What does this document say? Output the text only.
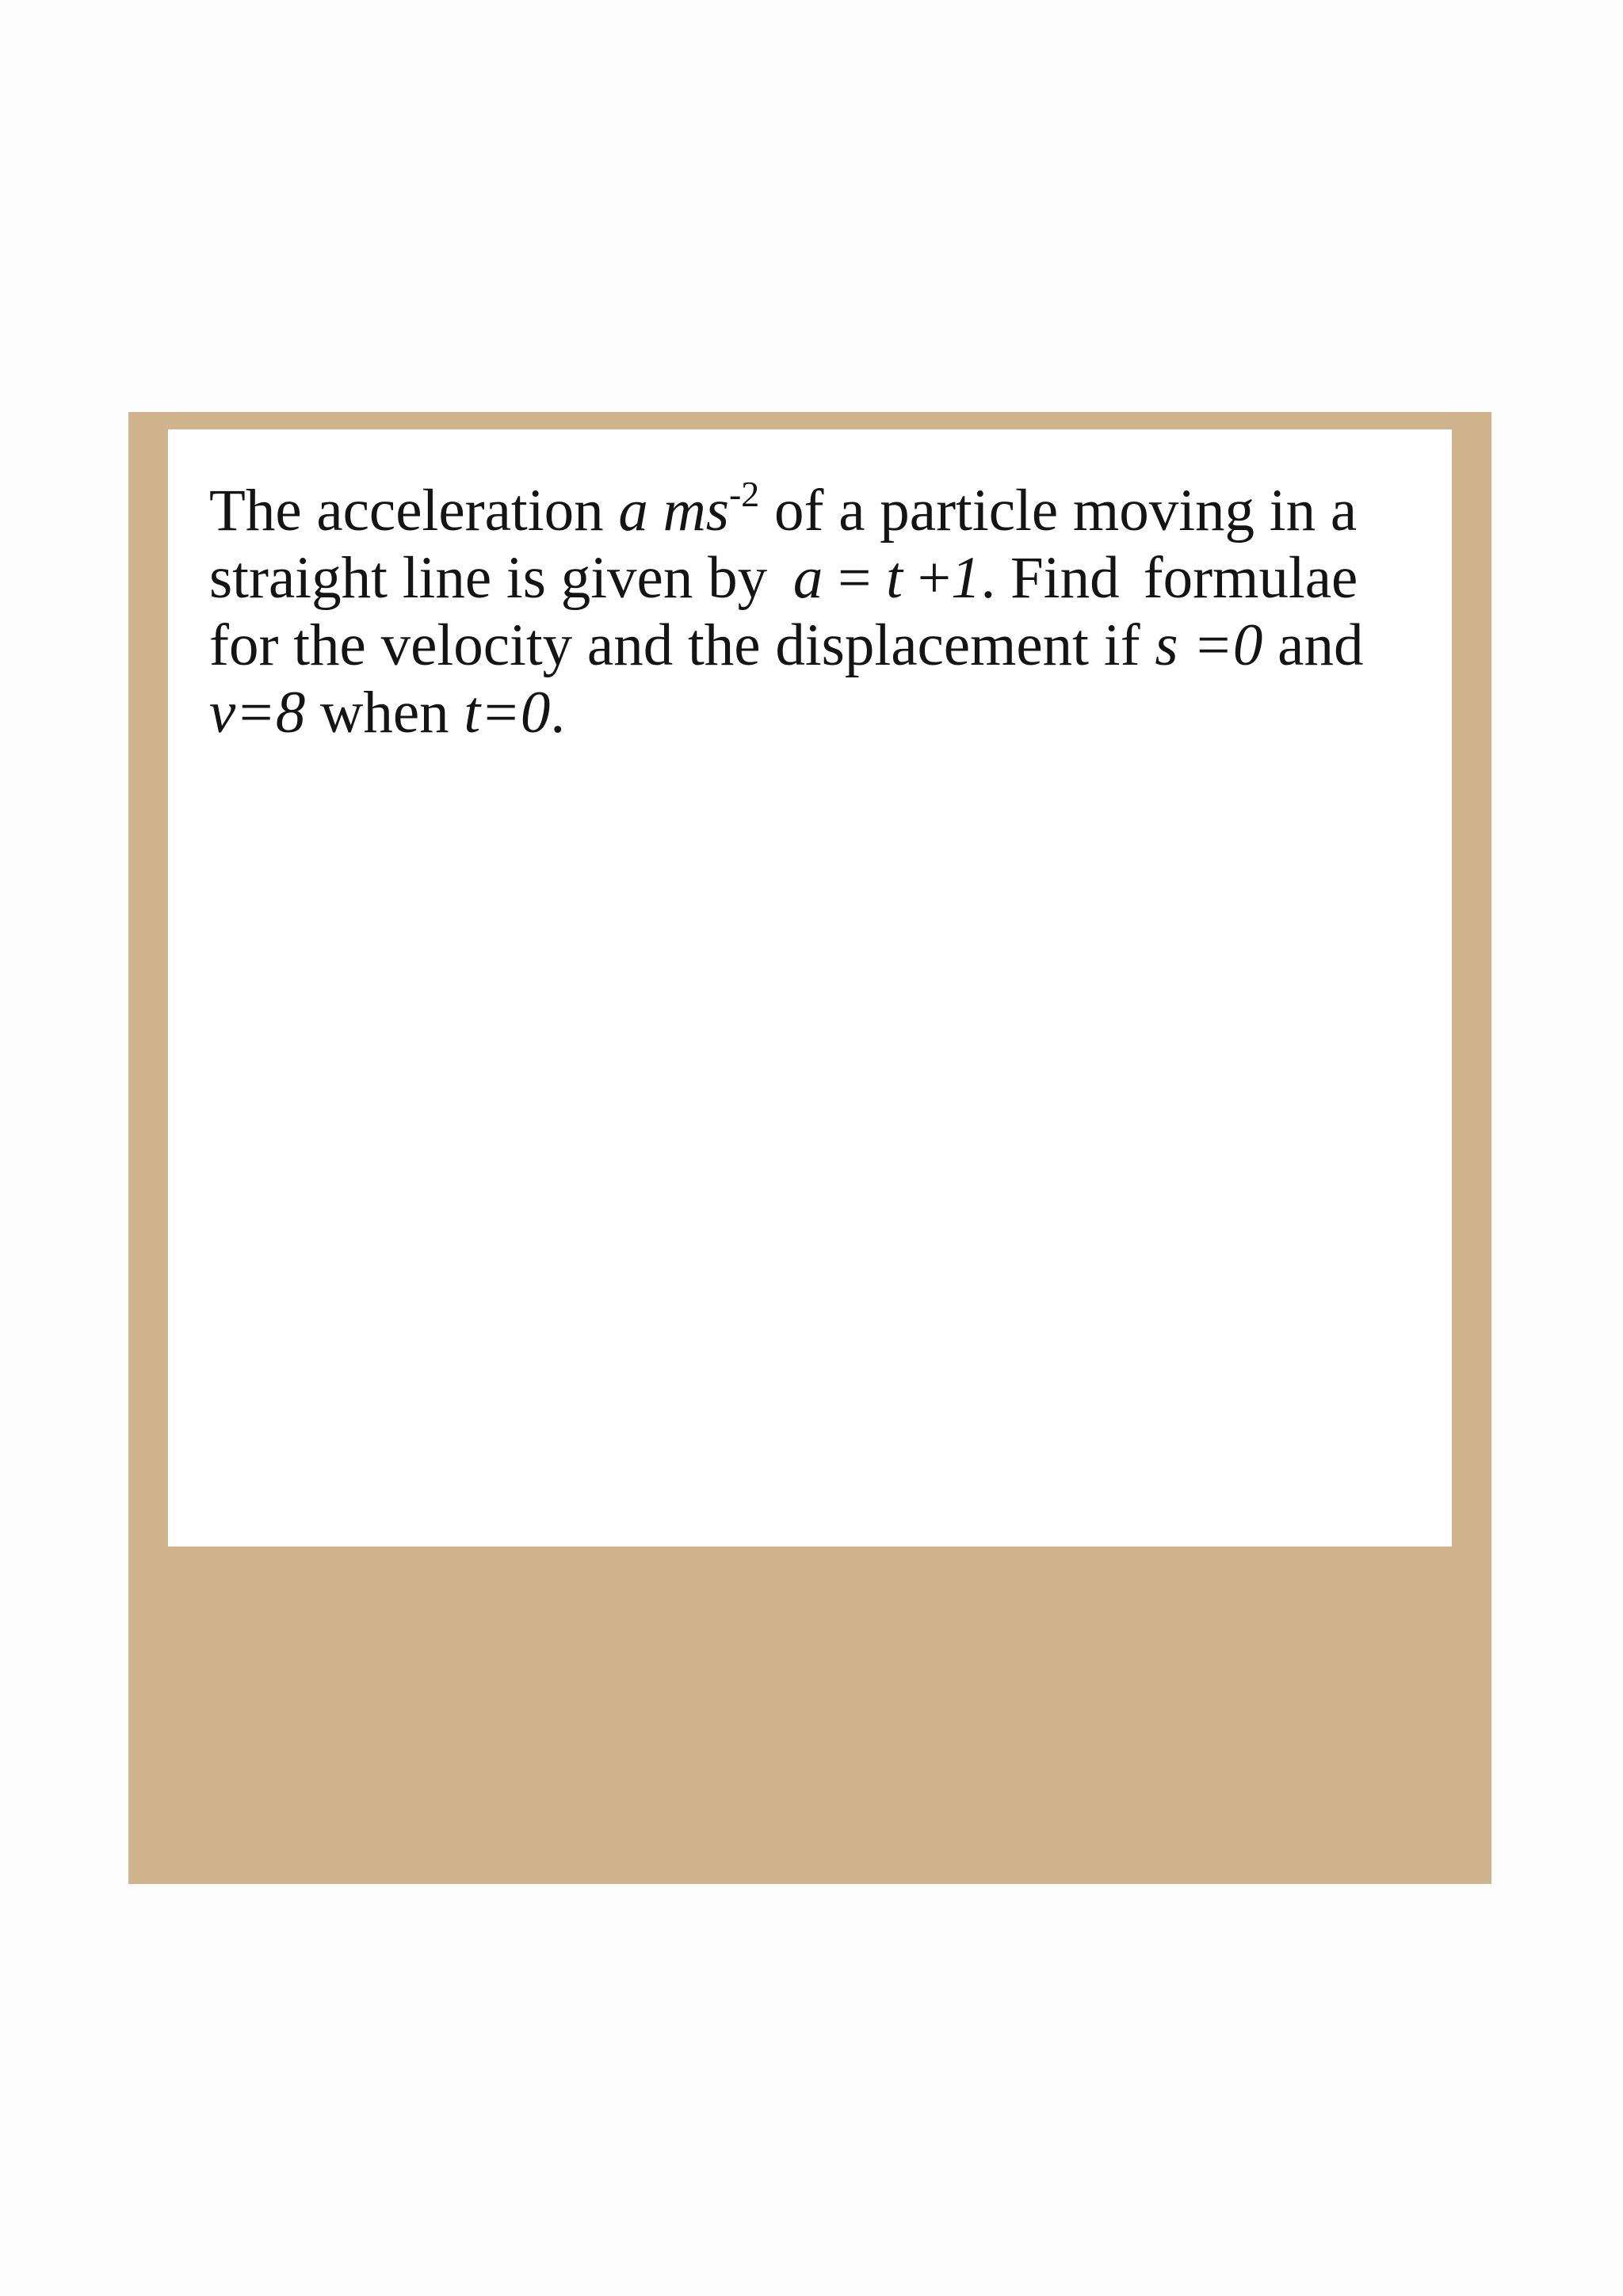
The acceleration a $ms^{-2}$ of a particle moving in a
straight line is given by a = t +1. Find formulae
for the velocity and the displacement if s =0 and
v=8 when t=0.
